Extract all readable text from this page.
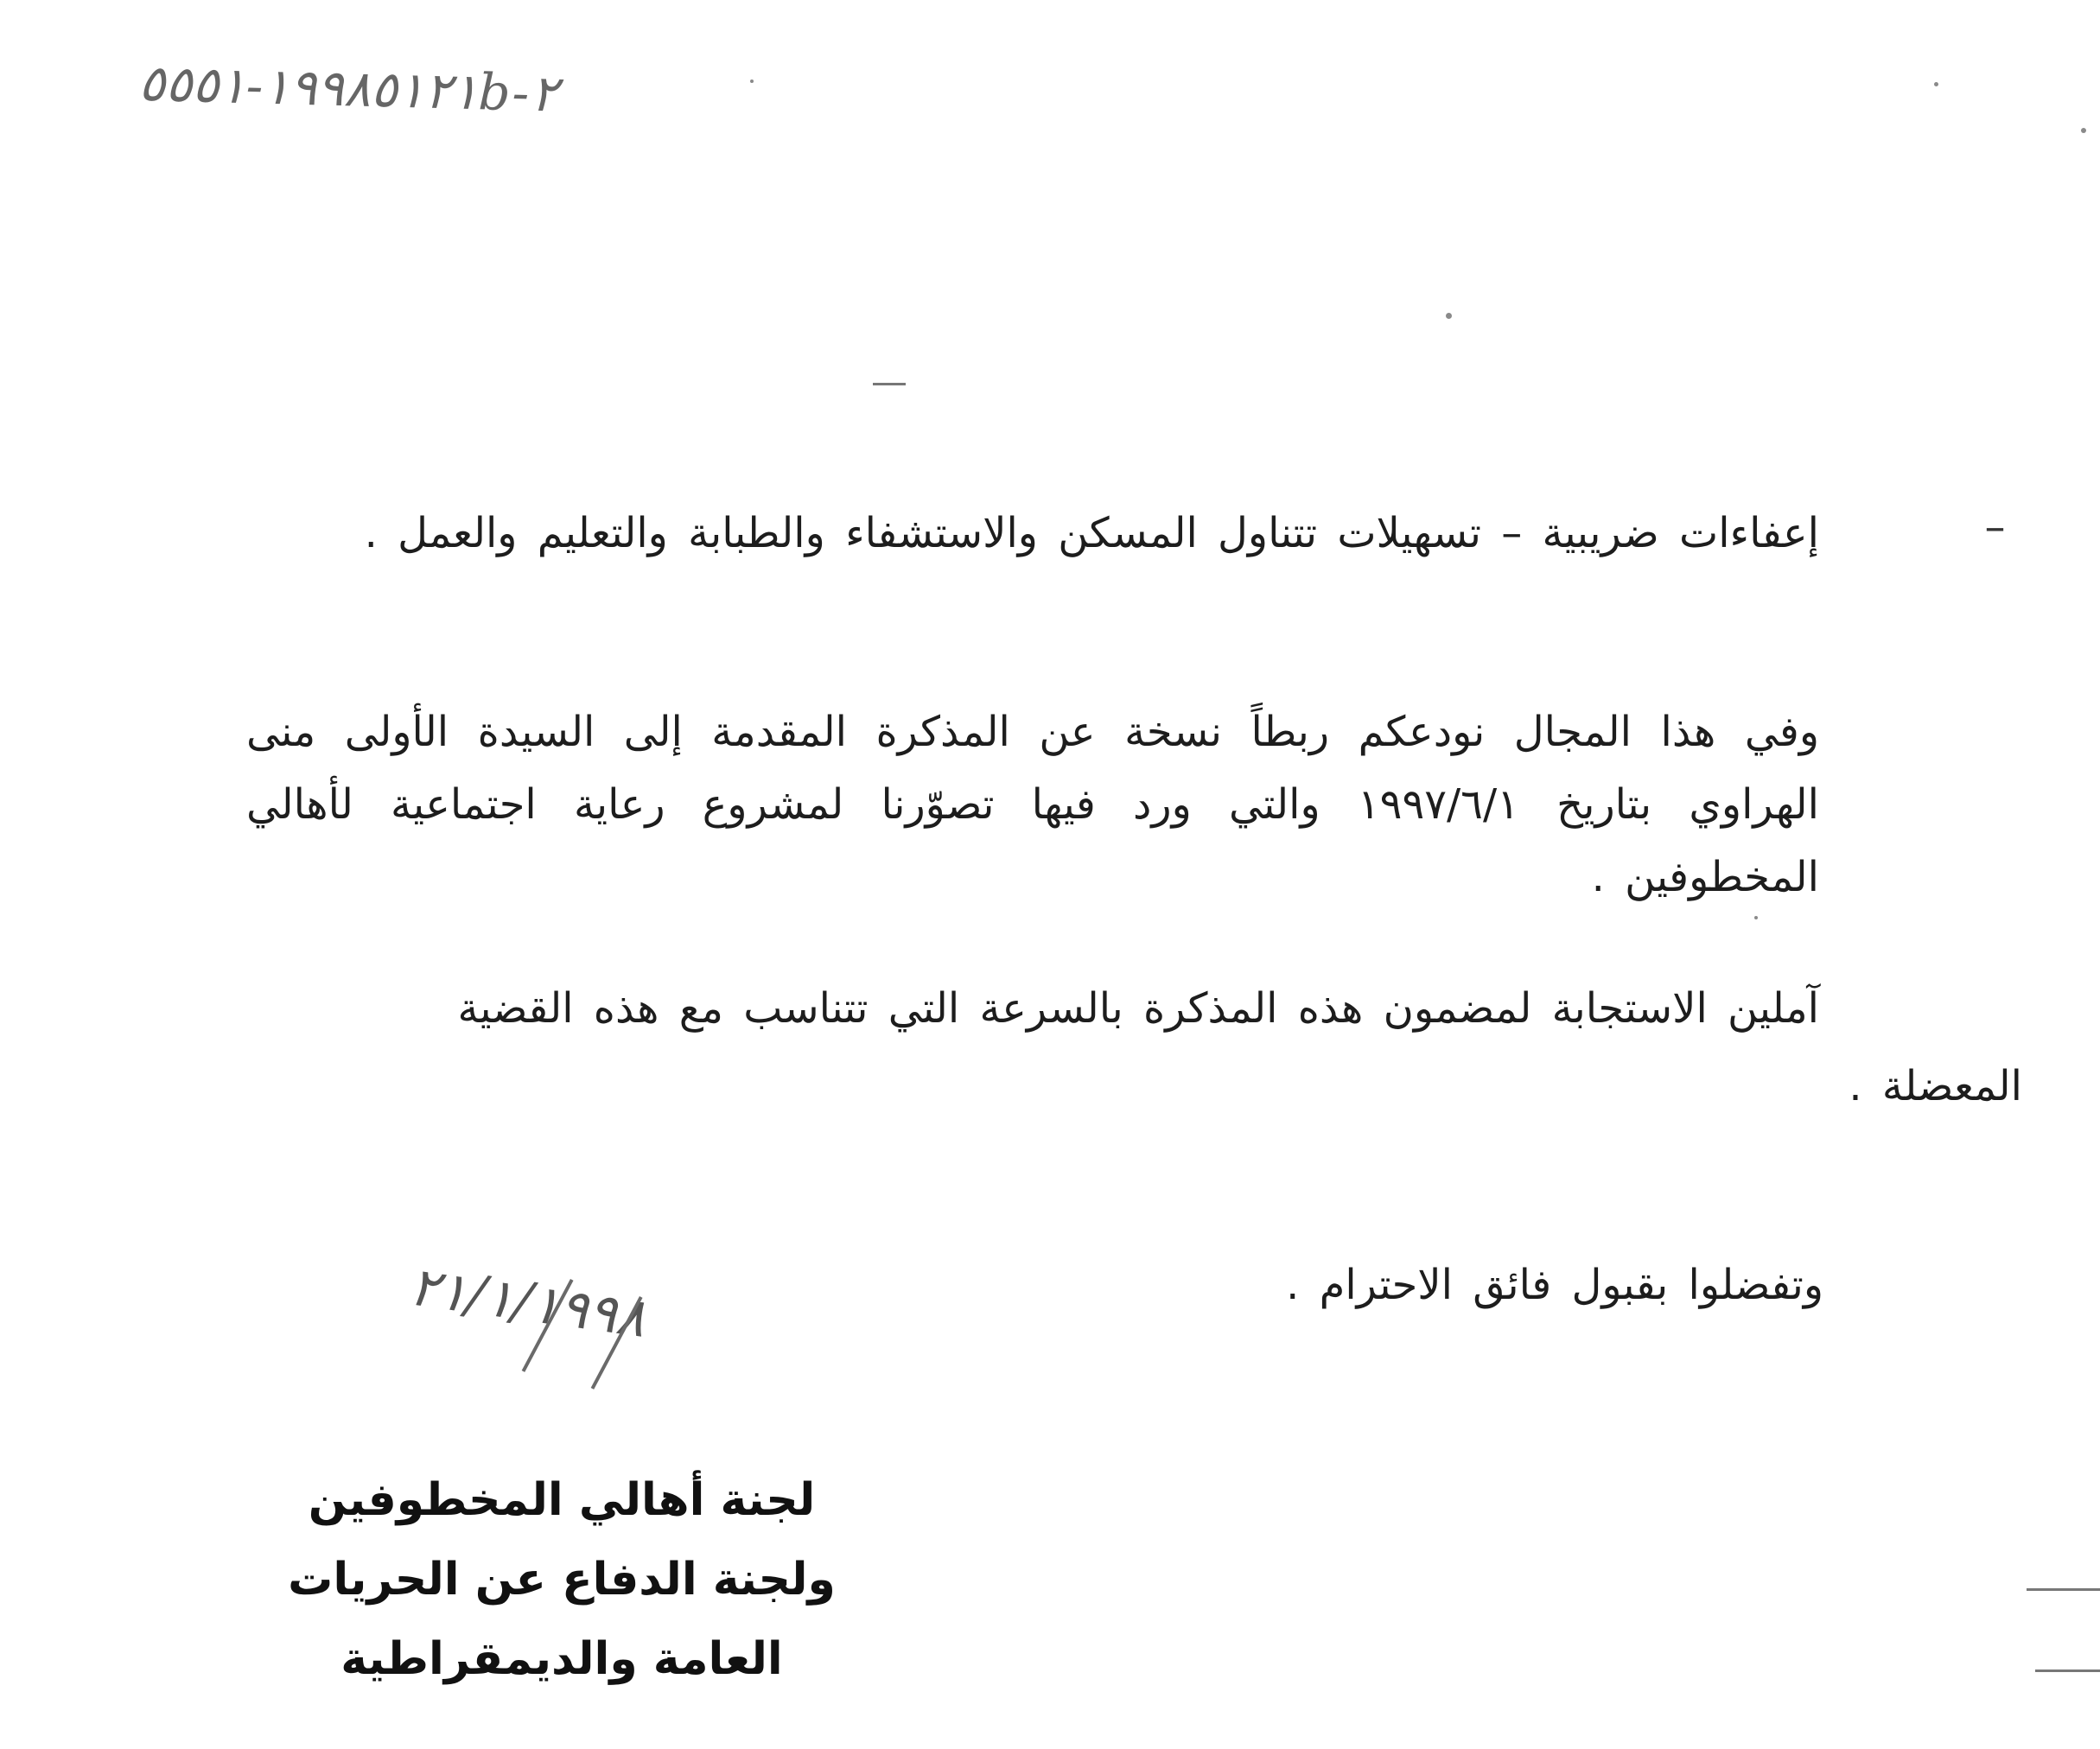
١٩٩٨٥١٢١-٥٥٥١b-٢
–
إعفاءات ضريبية – تسهيلات تتناول المسكن والاستشفاء والطبابة والتعليم والعمل .
وفي هذا المجال نودعكم ربطاً نسخة عن المذكرة المقدمة إلى السيدة الأولى منى الهراوي بتاريخ ١٩٩٧/٦/١ والتي ورد فيها تصوّرنا لمشروع رعاية اجتماعية لأهالي المخطوفين .
آملين الاستجابة لمضمون هذه المذكرة بالسرعة التي تتناسب مع هذه القضية
المعضلة .
وتفضلوا بقبول فائق الاحترام .
٢١/١/١٩٩٨
لجنة أهالي المخطوفين
ولجنة الدفاع عن الحريات
العامة والديمقراطية
